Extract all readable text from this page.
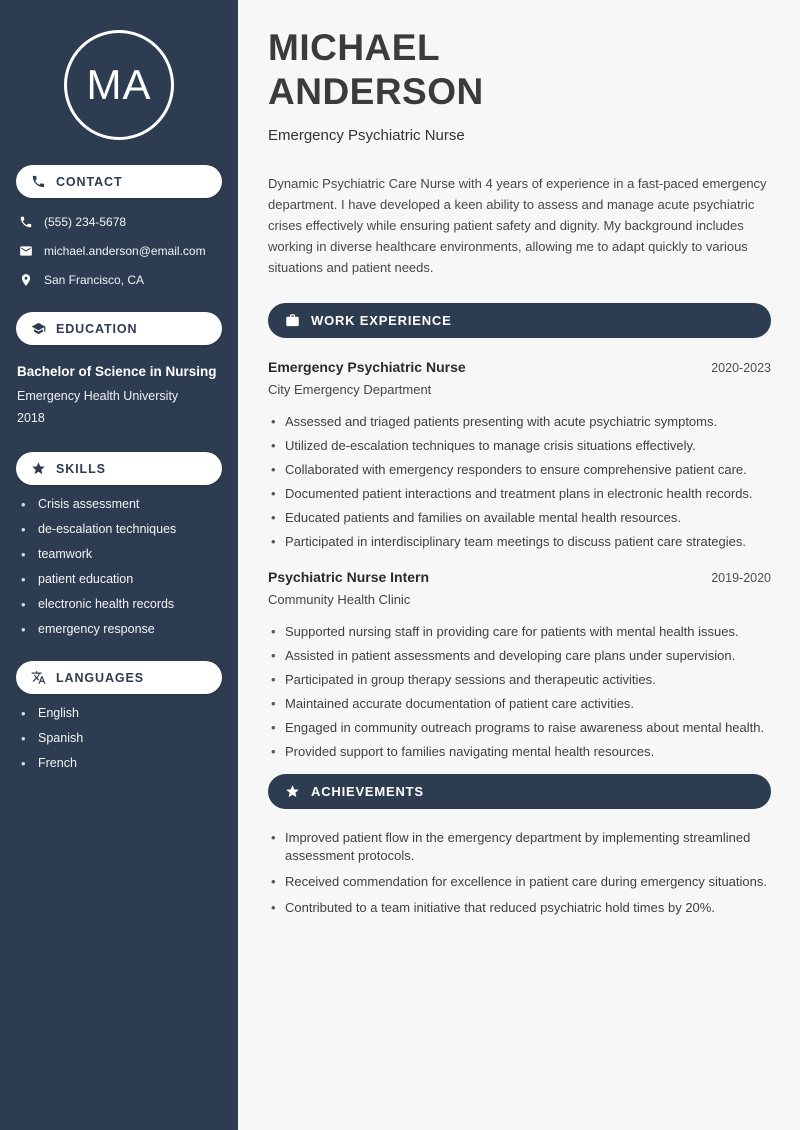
MA
CONTACT
(555) 234-5678
michael.anderson@email.com
San Francisco, CA
EDUCATION
Bachelor of Science in Nursing
Emergency Health University
2018
SKILLS
• Crisis assessment
• de-escalation techniques
• teamwork
• patient education
• electronic health records
• emergency response
LANGUAGES
• English
• Spanish
• French
MICHAEL
ANDERSON
Emergency Psychiatric Nurse

Dynamic Psychiatric Care Nurse with 4 years of experience in a fast-paced emergency department. I have developed a keen ability to assess and manage acute psychiatric crises effectively while ensuring patient safety and dignity. My background includes working in diverse healthcare environments, allowing me to adapt quickly to various situations and patient needs.

WORK EXPERIENCE
Emergency Psychiatric Nurse	2020-2023
City Emergency Department
• Assessed and triaged patients presenting with acute psychiatric symptoms.
• Utilized de-escalation techniques to manage crisis situations effectively.
• Collaborated with emergency responders to ensure comprehensive patient care.
• Documented patient interactions and treatment plans in electronic health records.
• Educated patients and families on available mental health resources.
• Participated in interdisciplinary team meetings to discuss patient care strategies.
Psychiatric Nurse Intern	2019-2020
Community Health Clinic
• Supported nursing staff in providing care for patients with mental health issues.
• Assisted in patient assessments and developing care plans under supervision.
• Participated in group therapy sessions and therapeutic activities.
• Maintained accurate documentation of patient care activities.
• Engaged in community outreach programs to raise awareness about mental health.
• Provided support to families navigating mental health resources.
ACHIEVEMENTS
• Improved patient flow in the emergency department by implementing streamlined assessment protocols.
• Received commendation for excellence in patient care during emergency situations.
• Contributed to a team initiative that reduced psychiatric hold times by 20%.
